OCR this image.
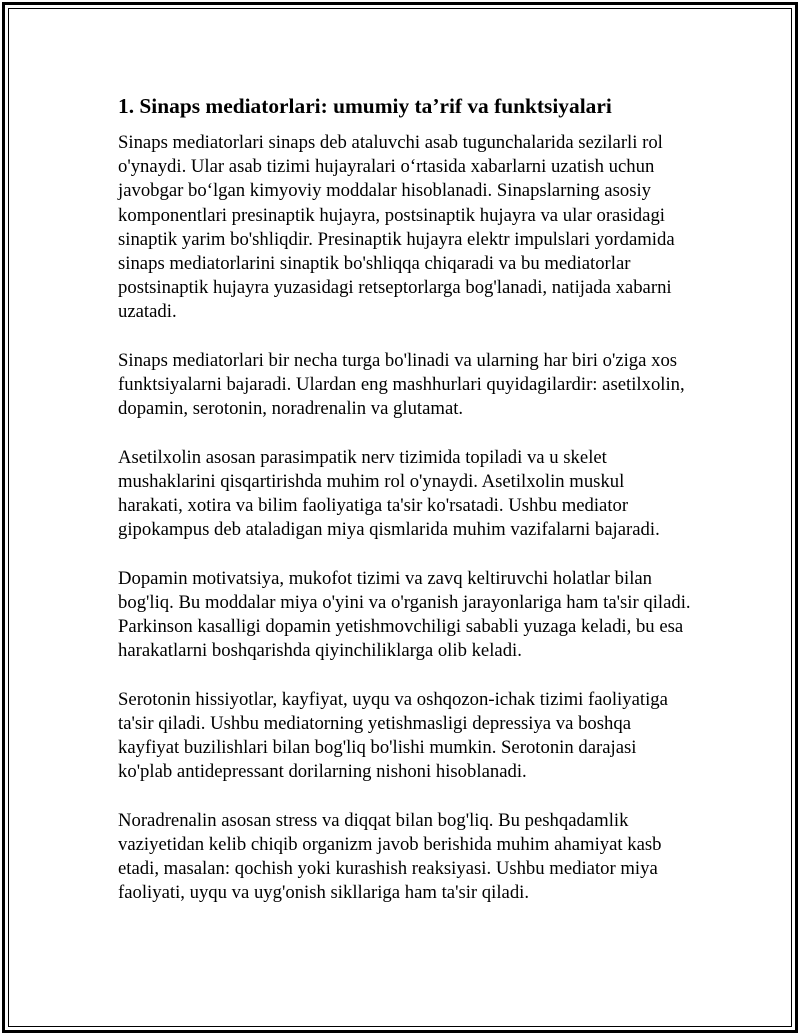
1. Sinaps mediatorlari: umumiy ta’rif va funktsiyalari

Sinaps mediatorlari sinaps deb ataluvchi asab tugunchalarida sezilarli rol
o'ynaydi. Ular asab tizimi hujayralari o‘rtasida xabarlarni uzatish uchun
javobgar bo‘lgan kimyoviy moddalar hisoblanadi. Sinapslarning asosiy
komponentlari presinaptik hujayra, postsinaptik hujayra va ular orasidagi
sinaptik yarim bo'shliqdir. Presinaptik hujayra elektr impulslari yordamida
sinaps mediatorlarini sinaptik bo'shliqqa chiqaradi va bu mediatorlar
postsinaptik hujayra yuzasidagi retseptorlarga bog'lanadi, natijada xabarni
uzatadi.

Sinaps mediatorlari bir necha turga bo'linadi va ularning har biri o'ziga xos
funktsiyalarni bajaradi. Ulardan eng mashhurlari quyidagilardir: asetilxolin,
dopamin, serotonin, noradrenalin va glutamat.

Asetilxolin asosan parasimpatik nerv tizimida topiladi va u skelet
mushaklarini qisqartirishda muhim rol o'ynaydi. Asetilxolin muskul
harakati, xotira va bilim faoliyatiga ta'sir ko'rsatadi. Ushbu mediator
gipokampus deb ataladigan miya qismlarida muhim vazifalarni bajaradi.

Dopamin motivatsiya, mukofot tizimi va zavq keltiruvchi holatlar bilan
bog'liq. Bu moddalar miya o'yini va o'rganish jarayonlariga ham ta'sir qiladi.
Parkinson kasalligi dopamin yetishmovchiligi sababli yuzaga keladi, bu esa
harakatlarni boshqarishda qiyinchiliklarga olib keladi.

Serotonin hissiyotlar, kayfiyat, uyqu va oshqozon-ichak tizimi faoliyatiga
ta'sir qiladi. Ushbu mediatorning yetishmasligi depressiya va boshqa
kayfiyat buzilishlari bilan bog'liq bo'lishi mumkin. Serotonin darajasi
ko'plab antidepressant dorilarning nishoni hisoblanadi.

Noradrenalin asosan stress va diqqat bilan bog'liq. Bu peshqadamlik
vaziyetidan kelib chiqib organizm javob berishida muhim ahamiyat kasb
etadi, masalan: qochish yoki kurashish reaksiyasi. Ushbu mediator miya
faoliyati, uyqu va uyg'onish sikllariga ham ta'sir qiladi.
